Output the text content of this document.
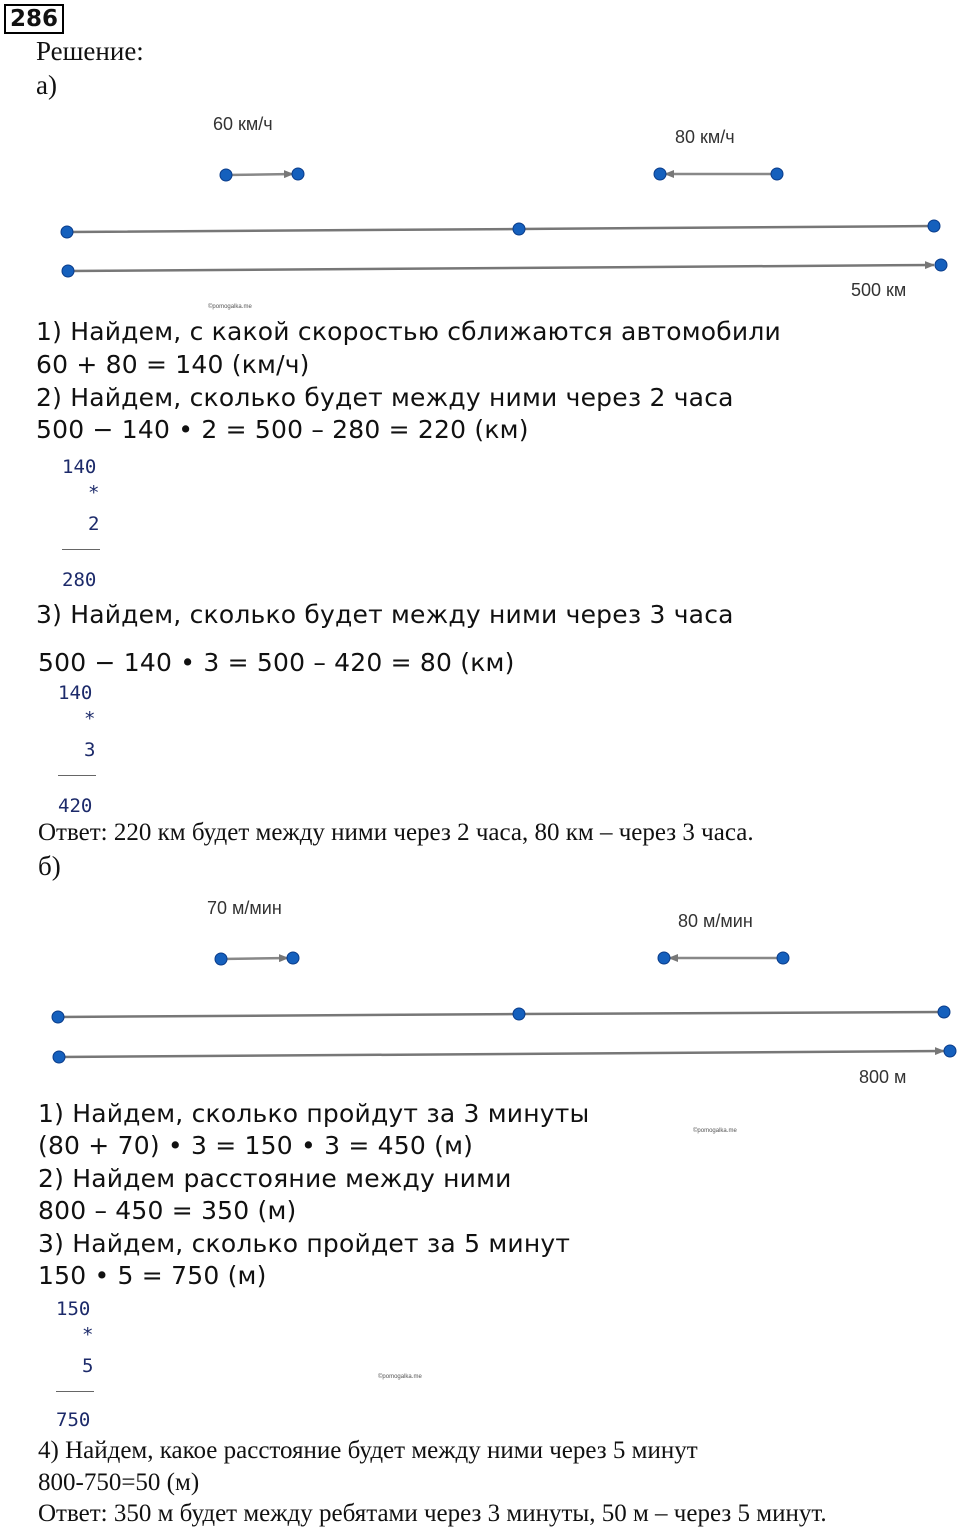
286
Решение:
а)
60 км/ч
80 км/ч
500 км
©pomogalka.me
1) Найдем, с какой скоростью сближаются автомобили
60 + 80 = 140 (км/ч)
2) Найдем, сколько будет между ними через 2 часа
500 − 140 • 2 = 500 – 280 = 220 (км)
140
*
2
280
3) Найдем, сколько будет между ними через 3 часа
500 − 140 • 3 = 500 – 420 = 80 (км)
140
*
3
420
Ответ: 220 км будет между ними через 2 часа, 80 км – через 3 часа.
б)
70 м/мин
80 м/мин
800 м
©pomogalka.me
1) Найдем, сколько пройдут за 3 минуты
(80 + 70) • 3 = 150 • 3 = 450 (м)
2) Найдем расстояние между ними
800 – 450 = 350 (м)
3) Найдем, сколько пройдет за 5 минут
150 • 5 = 750 (м)
150
*
5
750
©pomogalka.me
4) Найдем, какое расстояние будет между ними через 5 минут
800-750=50 (м)
Ответ: 350 м будет между ребятами через 3 минуты, 50 м – через 5 минут.
